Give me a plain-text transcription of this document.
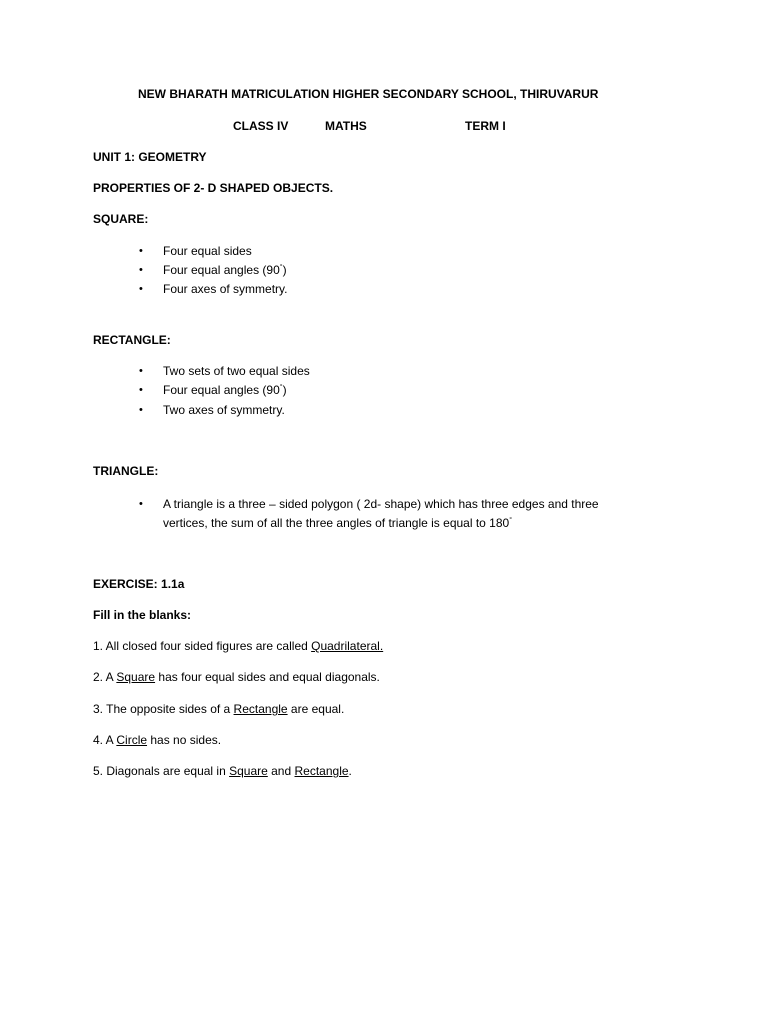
NEW BHARATH MATRICULATION HIGHER SECONDARY SCHOOL, THIRUVARUR
CLASS IV	MATHS	TERM I
UNIT 1: GEOMETRY
PROPERTIES OF 2- D SHAPED OBJECTS.
SQUARE:
• Four equal sides
• Four equal angles (90°)
• Four axes of symmetry.
RECTANGLE:
• Two sets of two equal sides
• Four equal angles (90°)
• Two axes of symmetry.
TRIANGLE:
• A triangle is a three – sided polygon ( 2d- shape) which has three edges and three
vertices, the sum of all the three angles of triangle is equal to 180°
EXERCISE: 1.1a
Fill in the blanks:
1. All closed four sided figures are called Quadrilateral.
2. A Square has four equal sides and equal diagonals.
3. The opposite sides of a Rectangle are equal.
4. A Circle has no sides.
5. Diagonals are equal in Square and Rectangle.
